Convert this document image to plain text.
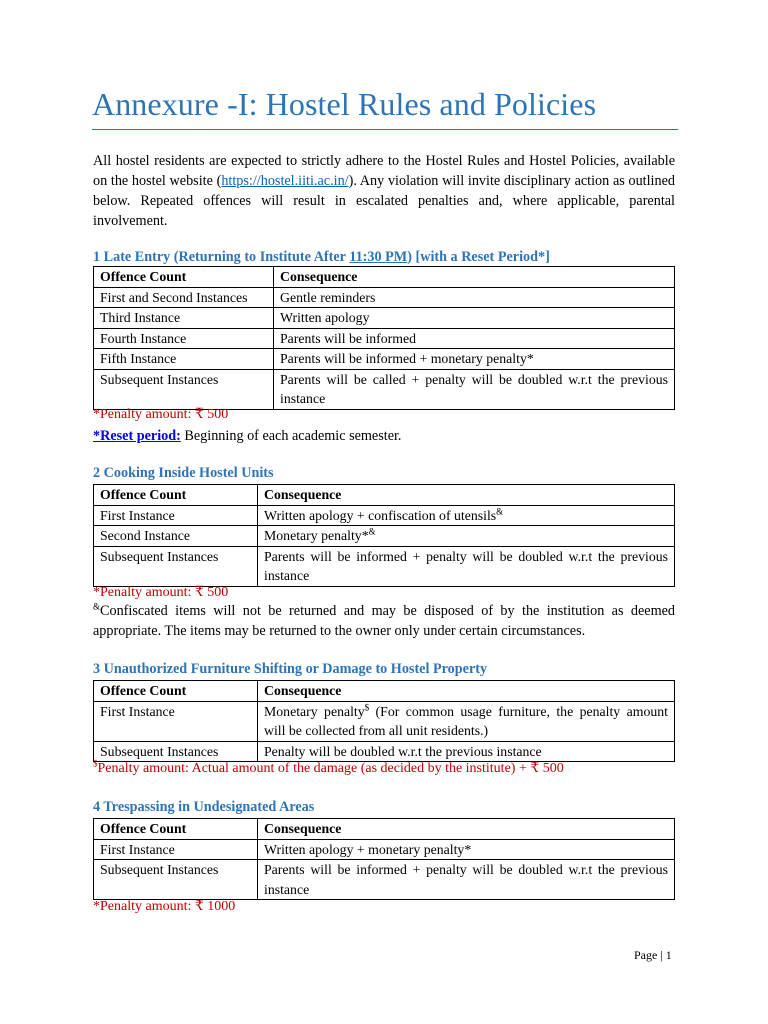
Annexure -I: Hostel Rules and Policies

All hostel residents are expected to strictly adhere to the Hostel Rules and Hostel Policies, available on the hostel website (https://hostel.iiti.ac.in/). Any violation will invite disciplinary action as outlined below. Repeated offences will result in escalated penalties and, where applicable, parental involvement.

1 Late Entry (Returning to Institute After 11:30 PM) [with a Reset Period*]
Offence Count	Consequence
First and Second Instances	Gentle reminders
Third Instance	Written apology
Fourth Instance	Parents will be informed
Fifth Instance	Parents will be informed + monetary penalty*
Subsequent Instances	Parents will be called + penalty will be doubled w.r.t the previous instance
*Penalty amount: ₹ 500
*Reset period: Beginning of each academic semester.
2 Cooking Inside Hostel Units
Offence Count	Consequence
First Instance	Written apology + confiscation of utensils&
Second Instance	Monetary penalty*&
Subsequent Instances	Parents will be informed + penalty will be doubled w.r.t the previous instance
*Penalty amount: ₹ 500
&Confiscated items will not be returned and may be disposed of by the institution as deemed appropriate. The items may be returned to the owner only under certain circumstances.
3 Unauthorized Furniture Shifting or Damage to Hostel Property
Offence Count	Consequence
First Instance	Monetary penalty$ (For common usage furniture, the penalty amount will be collected from all unit residents.)
Subsequent Instances	Penalty will be doubled w.r.t the previous instance
$Penalty amount: Actual amount of the damage (as decided by the institute) + ₹ 500
4 Trespassing in Undesignated Areas
Offence Count	Consequence
First Instance	Written apology + monetary penalty*
Subsequent Instances	Parents will be informed + penalty will be doubled w.r.t the previous instance
*Penalty amount: ₹ 1000
Page | 1
